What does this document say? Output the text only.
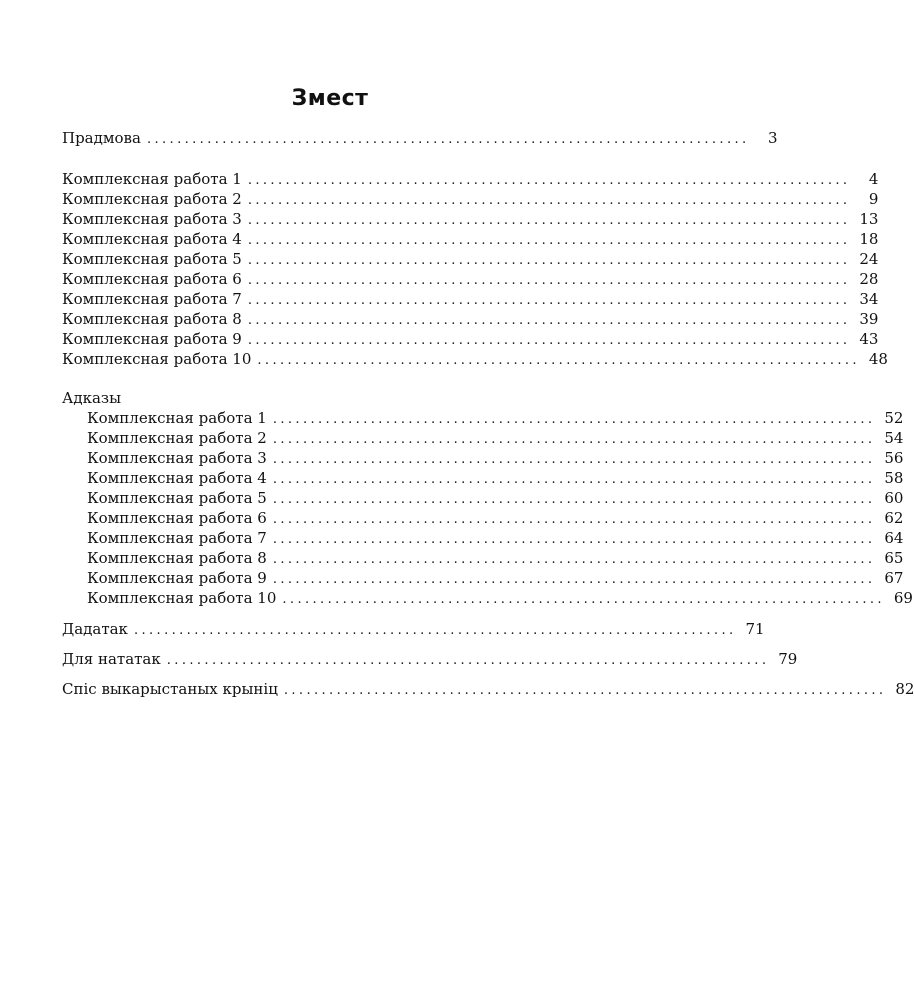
Змест
Прадмова ................................................................................	3
Комплексная работа 1 ................................................................................	4
Комплексная работа 2 ................................................................................	9
Комплексная работа 3 ................................................................................ 13
Комплексная работа 4 ................................................................................ 18
Комплексная работа 5 ................................................................................ 24
Комплексная работа 6 ................................................................................ 28
Комплексная работа 7 ................................................................................ 34
Комплексная работа 8 ................................................................................ 39
Комплексная работа 9 ................................................................................ 43
Комплексная работа 10 ................................................................................ 48
Адказы
Комплексная работа 1 ................................................................................ 52
Комплексная работа 2 ................................................................................ 54
Комплексная работа 3 ................................................................................ 56
Комплексная работа 4 ................................................................................ 58
Комплексная работа 5 ................................................................................ 60
Комплексная работа 6 ................................................................................ 62
Комплексная работа 7 ................................................................................ 64
Комплексная работа 8 ................................................................................ 65
Комплексная работа 9 ................................................................................ 67
Комплексная работа 10 ................................................................................ 69
Дадатак ................................................................................ 71
Для нататак ................................................................................ 79
Спіс выкарыстаных крыніц ................................................................................ 82
